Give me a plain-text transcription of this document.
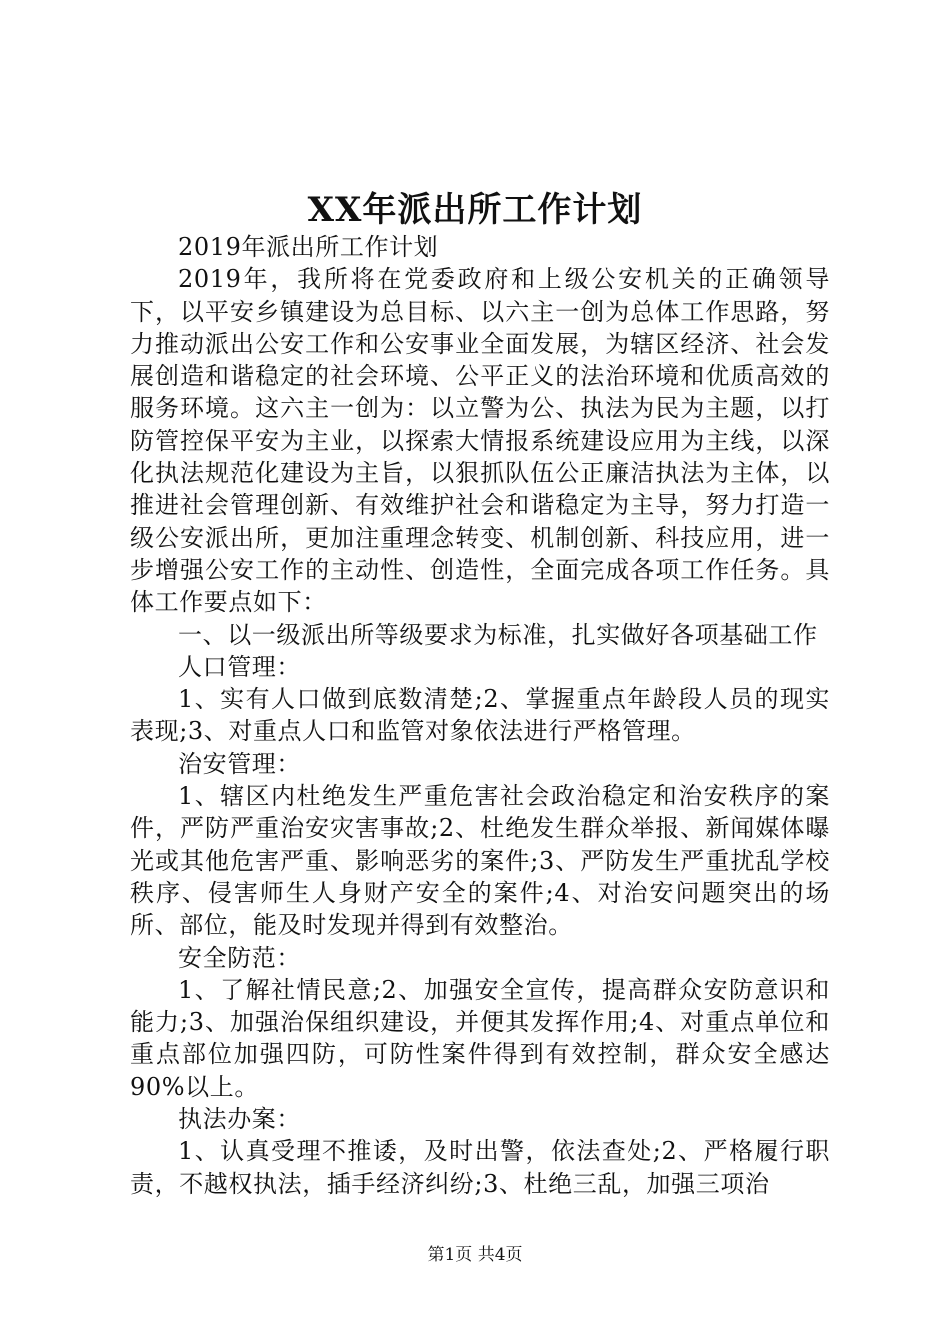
XX年派出所工作计划

2019年派出所工作计划

2019年，我所将在党委政府和上级公安机关的正确领导下，以平安乡镇建设为总目标、以六主一创为总体工作思路，努力推动派出公安工作和公安事业全面发展，为辖区经济、社会发展创造和谐稳定的社会环境、公平正义的法治环境和优质高效的服务环境。这六主一创为：以立警为公、执法为民为主题，以打防管控保平安为主业，以探索大情报系统建设应用为主线，以深化执法规范化建设为主旨，以狠抓队伍公正廉洁执法为主体，以推进社会管理创新、有效维护社会和谐稳定为主导，努力打造一级公安派出所，更加注重理念转变、机制创新、科技应用，进一步增强公安工作的主动性、创造性，全面完成各项工作任务。具体工作要点如下：

一、以一级派出所等级要求为标准，扎实做好各项基础工作

人口管理：

1、实有人口做到底数清楚;2、掌握重点年龄段人员的现实表现;3、对重点人口和监管对象依法进行严格管理。

治安管理：

1、辖区内杜绝发生严重危害社会政治稳定和治安秩序的案件，严防严重治安灾害事故;2、杜绝发生群众举报、新闻媒体曝光或其他危害严重、影响恶劣的案件;3、严防发生严重扰乱学校秩序、侵害师生人身财产安全的案件;4、对治安问题突出的场所、部位，能及时发现并得到有效整治。

安全防范：

1、了解社情民意;2、加强安全宣传，提高群众安防意识和能力;3、加强治保组织建设，并便其发挥作用;4、对重点单位和重点部位加强四防，可防性案件得到有效控制，群众安全感达90%以上。

执法办案：

1、认真受理不推诿，及时出警，依法查处;2、严格履行职责，不越权执法，插手经济纠纷;3、杜绝三乱，加强三项治

第1页 共4页
